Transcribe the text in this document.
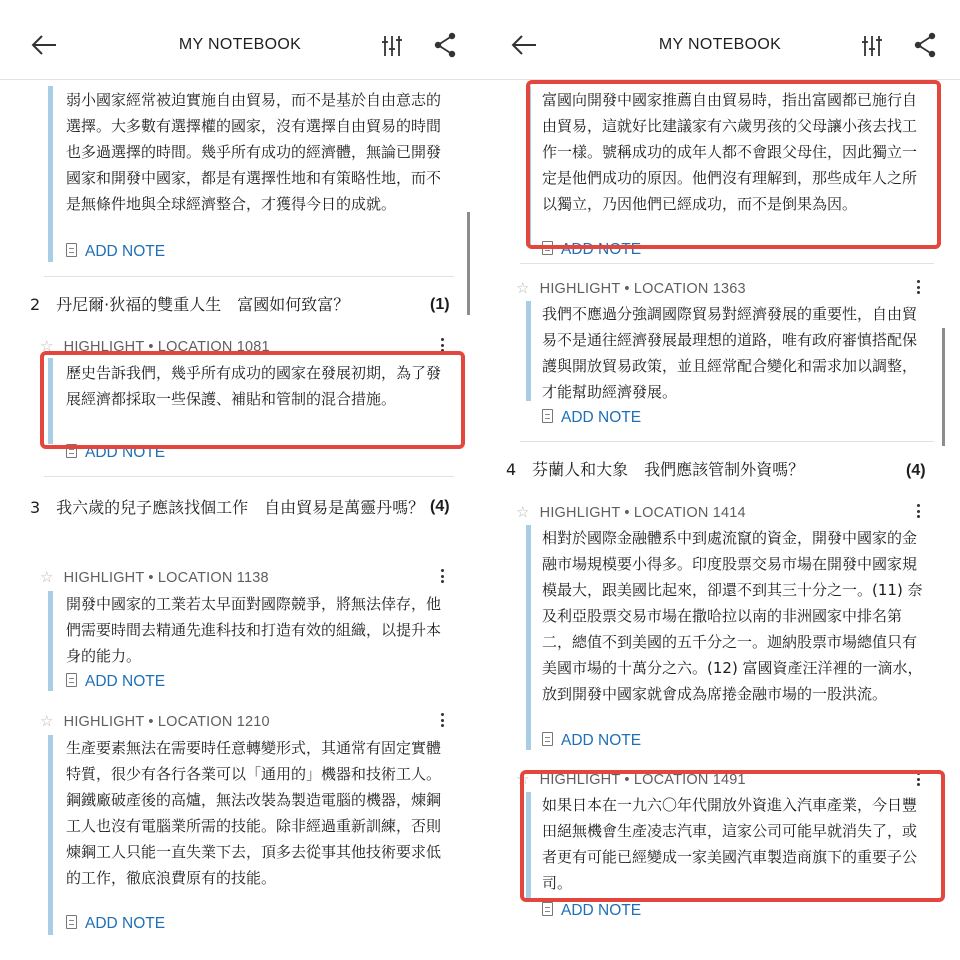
MY NOTEBOOK
弱小國家經常被迫實施自由貿易，而不是基於自由意志的選擇。大多數有選擇權的國家，沒有選擇自由貿易的時間也多過選擇的時間。幾乎所有成功的經濟體，無論已開發國家和開發中國家，都是有選擇性地和有策略性地，而不是無條件地與全球經濟整合，才獲得今日的成就。
ADD NOTE
2　丹尼爾·狄福的雙重人生　富國如何致富？	(1)
☆ HIGHLIGHT • LOCATION 1081
歷史告訴我們，幾乎所有成功的國家在發展初期，為了發展經濟都採取一些保護、補貼和管制的混合措施。
ADD NOTE
3　我六歲的兒子應該找個工作　自由貿易是萬靈丹嗎？ (4)
☆ HIGHLIGHT • LOCATION 1138
開發中國家的工業若太早面對國際競爭，將無法倖存，他們需要時間去精通先進科技和打造有效的組織，以提升本身的能力。
ADD NOTE
☆ HIGHLIGHT • LOCATION 1210
生產要素無法在需要時任意轉變形式，其通常有固定實體特質，很少有各行各業可以「通用的」機器和技術工人。鋼鐵廠破產後的高爐，無法改裝為製造電腦的機器，煉鋼工人也沒有電腦業所需的技能。除非經過重新訓練，否則煉鋼工人只能一直失業下去，頂多去從事其他技術要求低的工作，徹底浪費原有的技能。
ADD NOTE
MY NOTEBOOK
富國向開發中國家推薦自由貿易時，指出富國都已施行自由貿易，這就好比建議家有六歲男孩的父母讓小孩去找工作一樣。號稱成功的成年人都不會跟父母住，因此獨立一定是他們成功的原因。他們沒有理解到，那些成年人之所以獨立，乃因他們已經成功，而不是倒果為因。
ADD NOTE
☆ HIGHLIGHT • LOCATION 1363
我們不應過分強調國際貿易對經濟發展的重要性，自由貿易不是通往經濟發展最理想的道路，唯有政府審慎搭配保護與開放貿易政策，並且經常配合變化和需求加以調整，才能幫助經濟發展。
ADD NOTE
4　芬蘭人和大象　我們應該管制外資嗎？	(4)
☆ HIGHLIGHT • LOCATION 1414
相對於國際金融體系中到處流竄的資金，開發中國家的金融市場規模要小得多。印度股票交易市場在開發中國家規模最大，跟美國比起來，卻還不到其三十分之一。(11) 奈及利亞股票交易市場在撒哈拉以南的非洲國家中排名第二，總值不到美國的五千分之一。迦納股票市場總值只有美國市場的十萬分之六。(12) 富國資產汪洋裡的一滴水，放到開發中國家就會成為席捲金融市場的一股洪流。
ADD NOTE
☆ HIGHLIGHT • LOCATION 1491
如果日本在一九六〇年代開放外資進入汽車產業，今日豐田絕無機會生產凌志汽車，這家公司可能早就消失了，或者更有可能已經變成一家美國汽車製造商旗下的重要子公司。
ADD NOTE
